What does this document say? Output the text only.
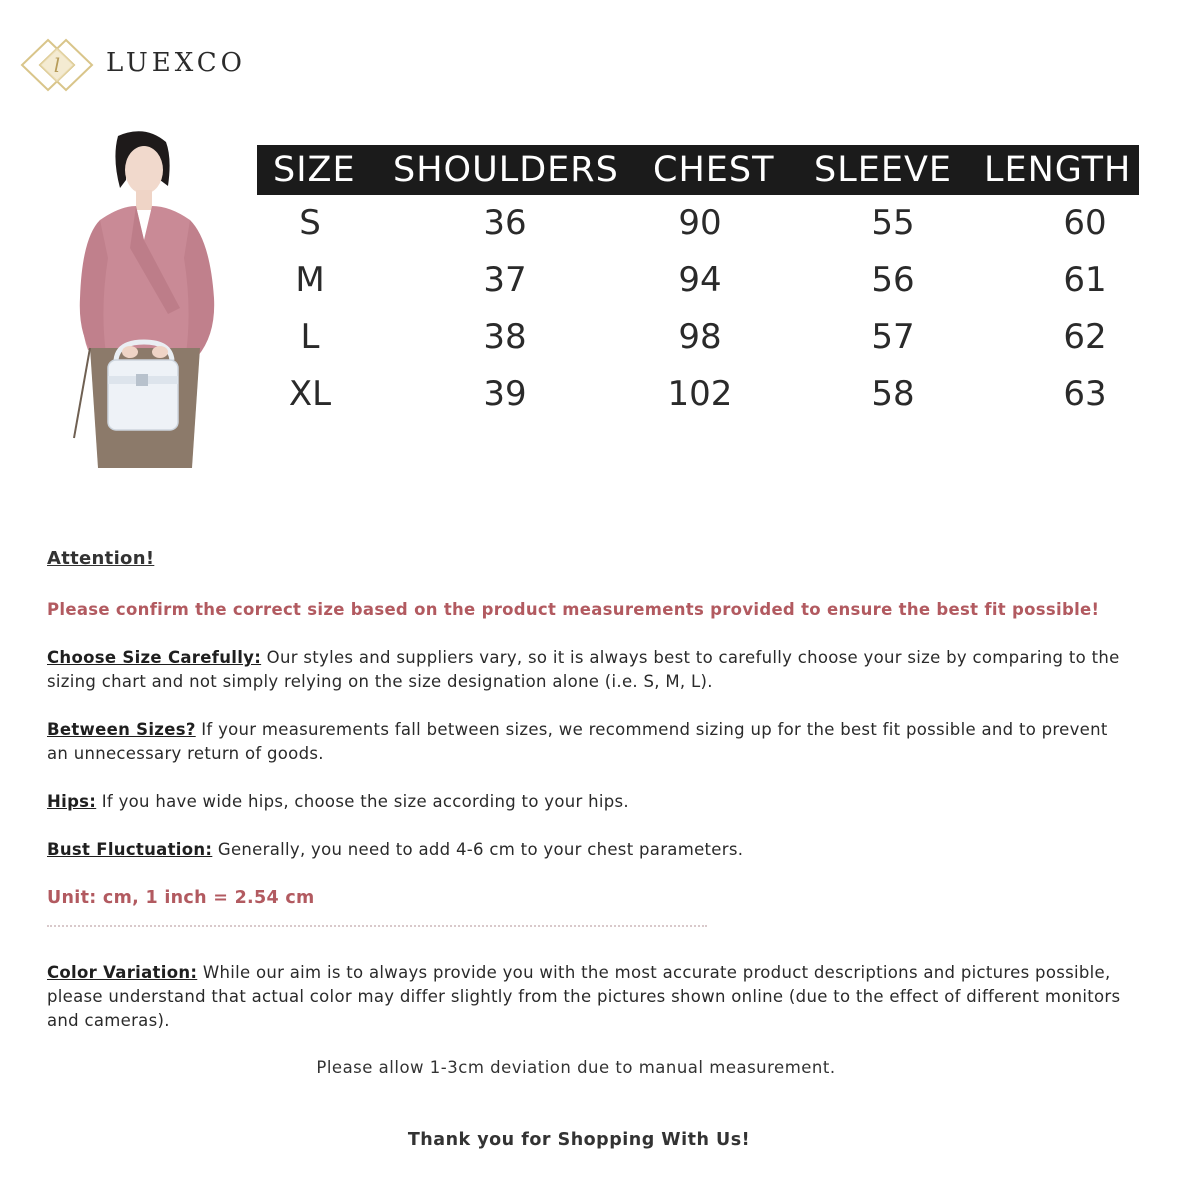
l LUEXCO
SIZE SHOULDERS CHEST SLEEVE LENGTH
S	36	90	55	60
M	37	94	56	61
L	38	98	57	62
XL	39	102	58	63
Attention!
Please confirm the correct size based on the product measurements provided to ensure the best fit possible!
Choose Size Carefully: Our styles and suppliers vary, so it is always best to carefully choose your size by comparing to the sizing chart and not simply relying on the size designation alone (i.e. S, M, L).
Between Sizes? If your measurements fall between sizes, we recommend sizing up for the best fit possible and to prevent an unnecessary return of goods.
Hips: If you have wide hips, choose the size according to your hips.
Bust Fluctuation: Generally, you need to add 4-6 cm to your chest parameters.
Unit: cm, 1 inch = 2.54 cm
Color Variation: While our aim is to always provide you with the most accurate product descriptions and pictures possible, please understand that actual color may differ slightly from the pictures shown online (due to the effect of different monitors and cameras).
Please allow 1-3cm deviation due to manual measurement.
Thank you for Shopping With Us!
